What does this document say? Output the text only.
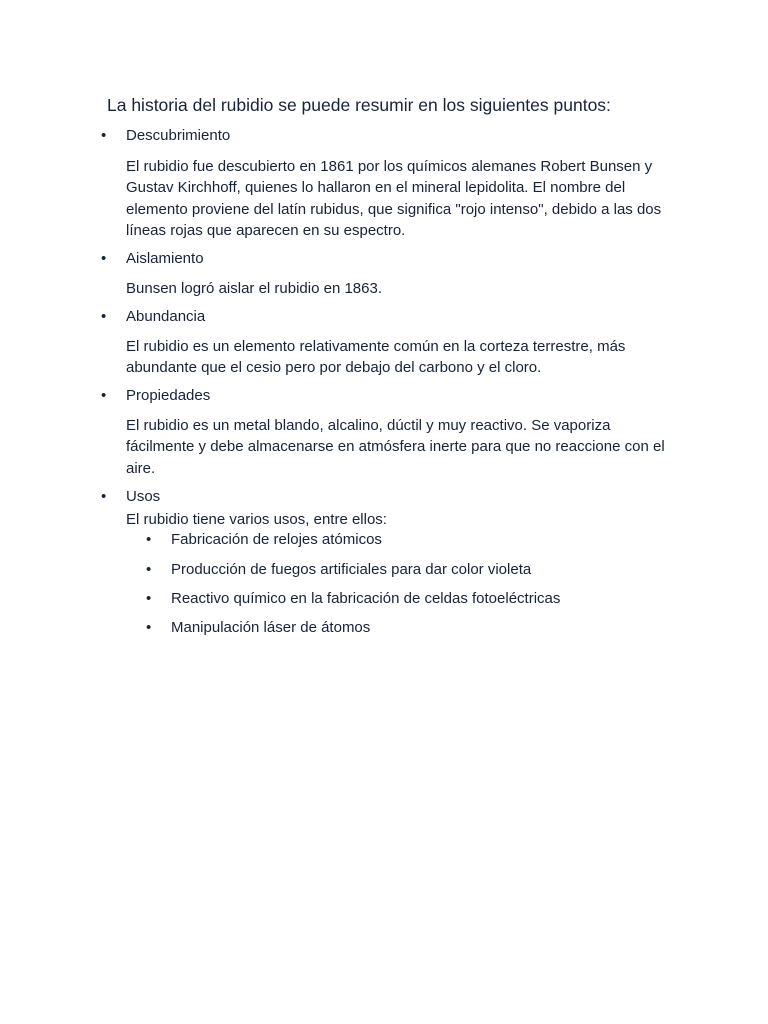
La historia del rubidio se puede resumir en los siguientes puntos:

• Descubrimiento

El rubidio fue descubierto en 1861 por los químicos alemanes Robert Bunsen y Gustav Kirchhoff, quienes lo hallaron en el mineral lepidolita. El nombre del elemento proviene del latín rubidus, que significa "rojo intenso", debido a las dos líneas rojas que aparecen en su espectro.

• Aislamiento

Bunsen logró aislar el rubidio en 1863.

• Abundancia

El rubidio es un elemento relativamente común en la corteza terrestre, más abundante que el cesio pero por debajo del carbono y el cloro.

• Propiedades

El rubidio es un metal blando, alcalino, dúctil y muy reactivo. Se vaporiza fácilmente y debe almacenarse en atmósfera inerte para que no reaccione con el aire.

• Usos

El rubidio tiene varios usos, entre ellos:

• Fabricación de relojes atómicos
• Producción de fuegos artificiales para dar color violeta
• Reactivo químico en la fabricación de celdas fotoeléctricas
• Manipulación láser de átomos
